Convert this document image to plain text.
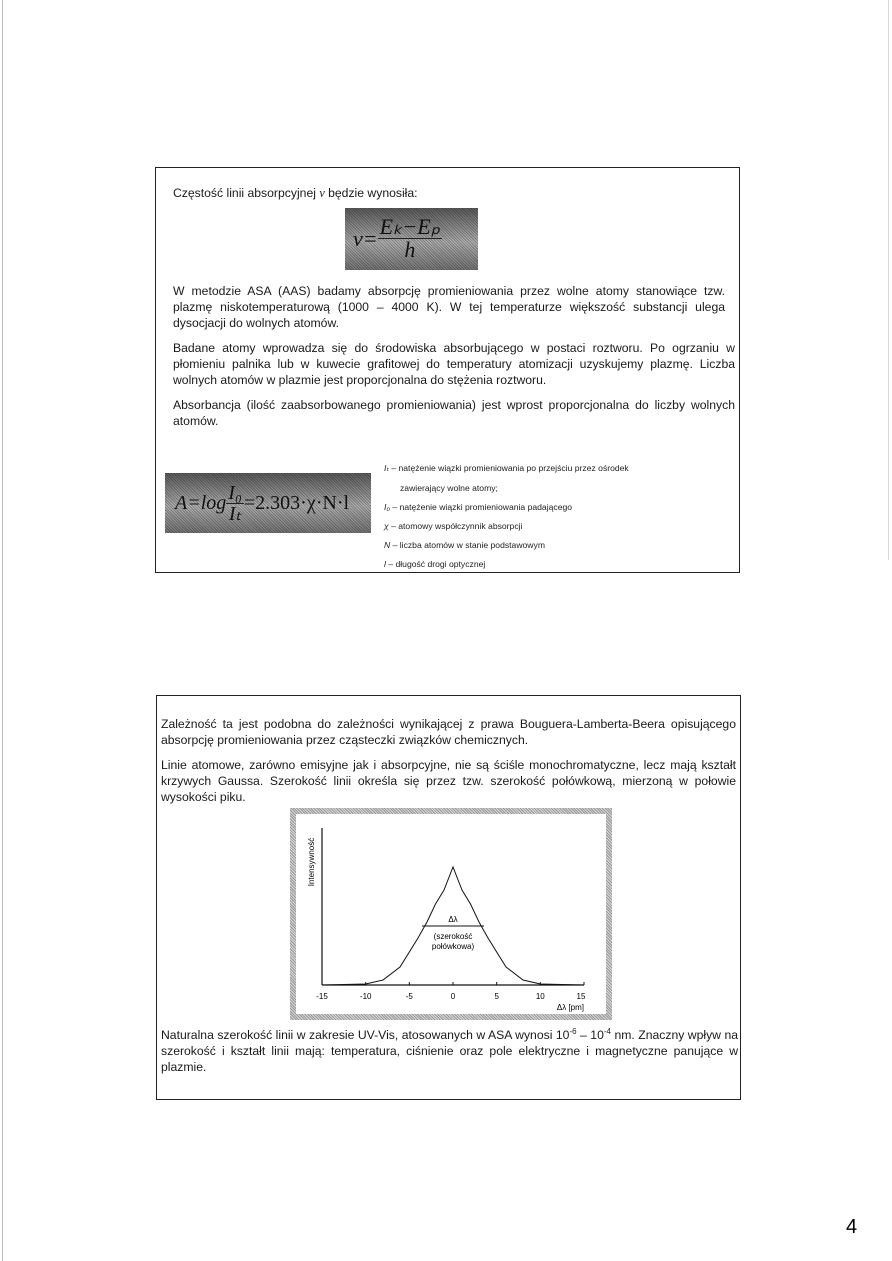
Częstość linii absorpcyjnej ν będzie wynosiła:
$\nu= \frac{\text{Eₖ−Eₚ}}{h}$
W metodzie ASA (AAS) badamy absorpcję promieniowania przez wolne atomy stanowiące tzw. plazmę niskotemperaturową (1000 – 4000 K). W tej temperaturze większość substancji ulega dysocjacji do wolnych atomów.
Badane atomy wprowadza się do środowiska absorbującego w postaci roztworu. Po ogrzaniu w płomieniu palnika lub w kuwecie grafitowej do temperatury atomizacji uzyskujemy plazmę. Liczba wolnych atomów w plazmie jest proporcjonalna do stężenia roztworu.
Absorbancja (ilość zaabsorbowanego promieniowania) jest wprost proporcjonalna do liczby wolnych atomów.
$A=\log \frac{\text{I₀}}{\text{Iₜ}} =2.303\cdot\chi\cdot N\cdot l$
Iₜ – natężenie wiązki promieniowania po przejściu przez ośrodek
zawierający wolne atomy;
I₀ – natężenie wiązki promieniowania padającego
χ – atomowy współczynnik absorpcji
N – liczba atomów w stanie podstawowym
l – długość drogi optycznej
Zależność ta jest podobna do zależności wynikającej z prawa Bouguera-Lamberta-Beera opisującego absorpcję promieniowania przez cząsteczki związków chemicznych.
Linie atomowe, zarówno emisyjne jak i absorpcyjne, nie są ściśle monochromatyczne, lecz mają kształt krzywych Gaussa. Szerokość linii określa się przez tzw. szerokość połówkową, mierzoną w połowie wysokości piku.
Δλ
(szerokość
połówkowa)
Intensywność
-15	-10	-5	0	5	10	15
Δλ [pm]
Naturalna szerokość linii w zakresie UV-Vis, atosowanych w ASA wynosi $10^{-6} - 10^{-4}$ nm. Znaczny wpływ na szerokość i kształt linii mają: temperatura, ciśnienie oraz pole elektryczne i magnetyczne panujące w plazmie.
4
